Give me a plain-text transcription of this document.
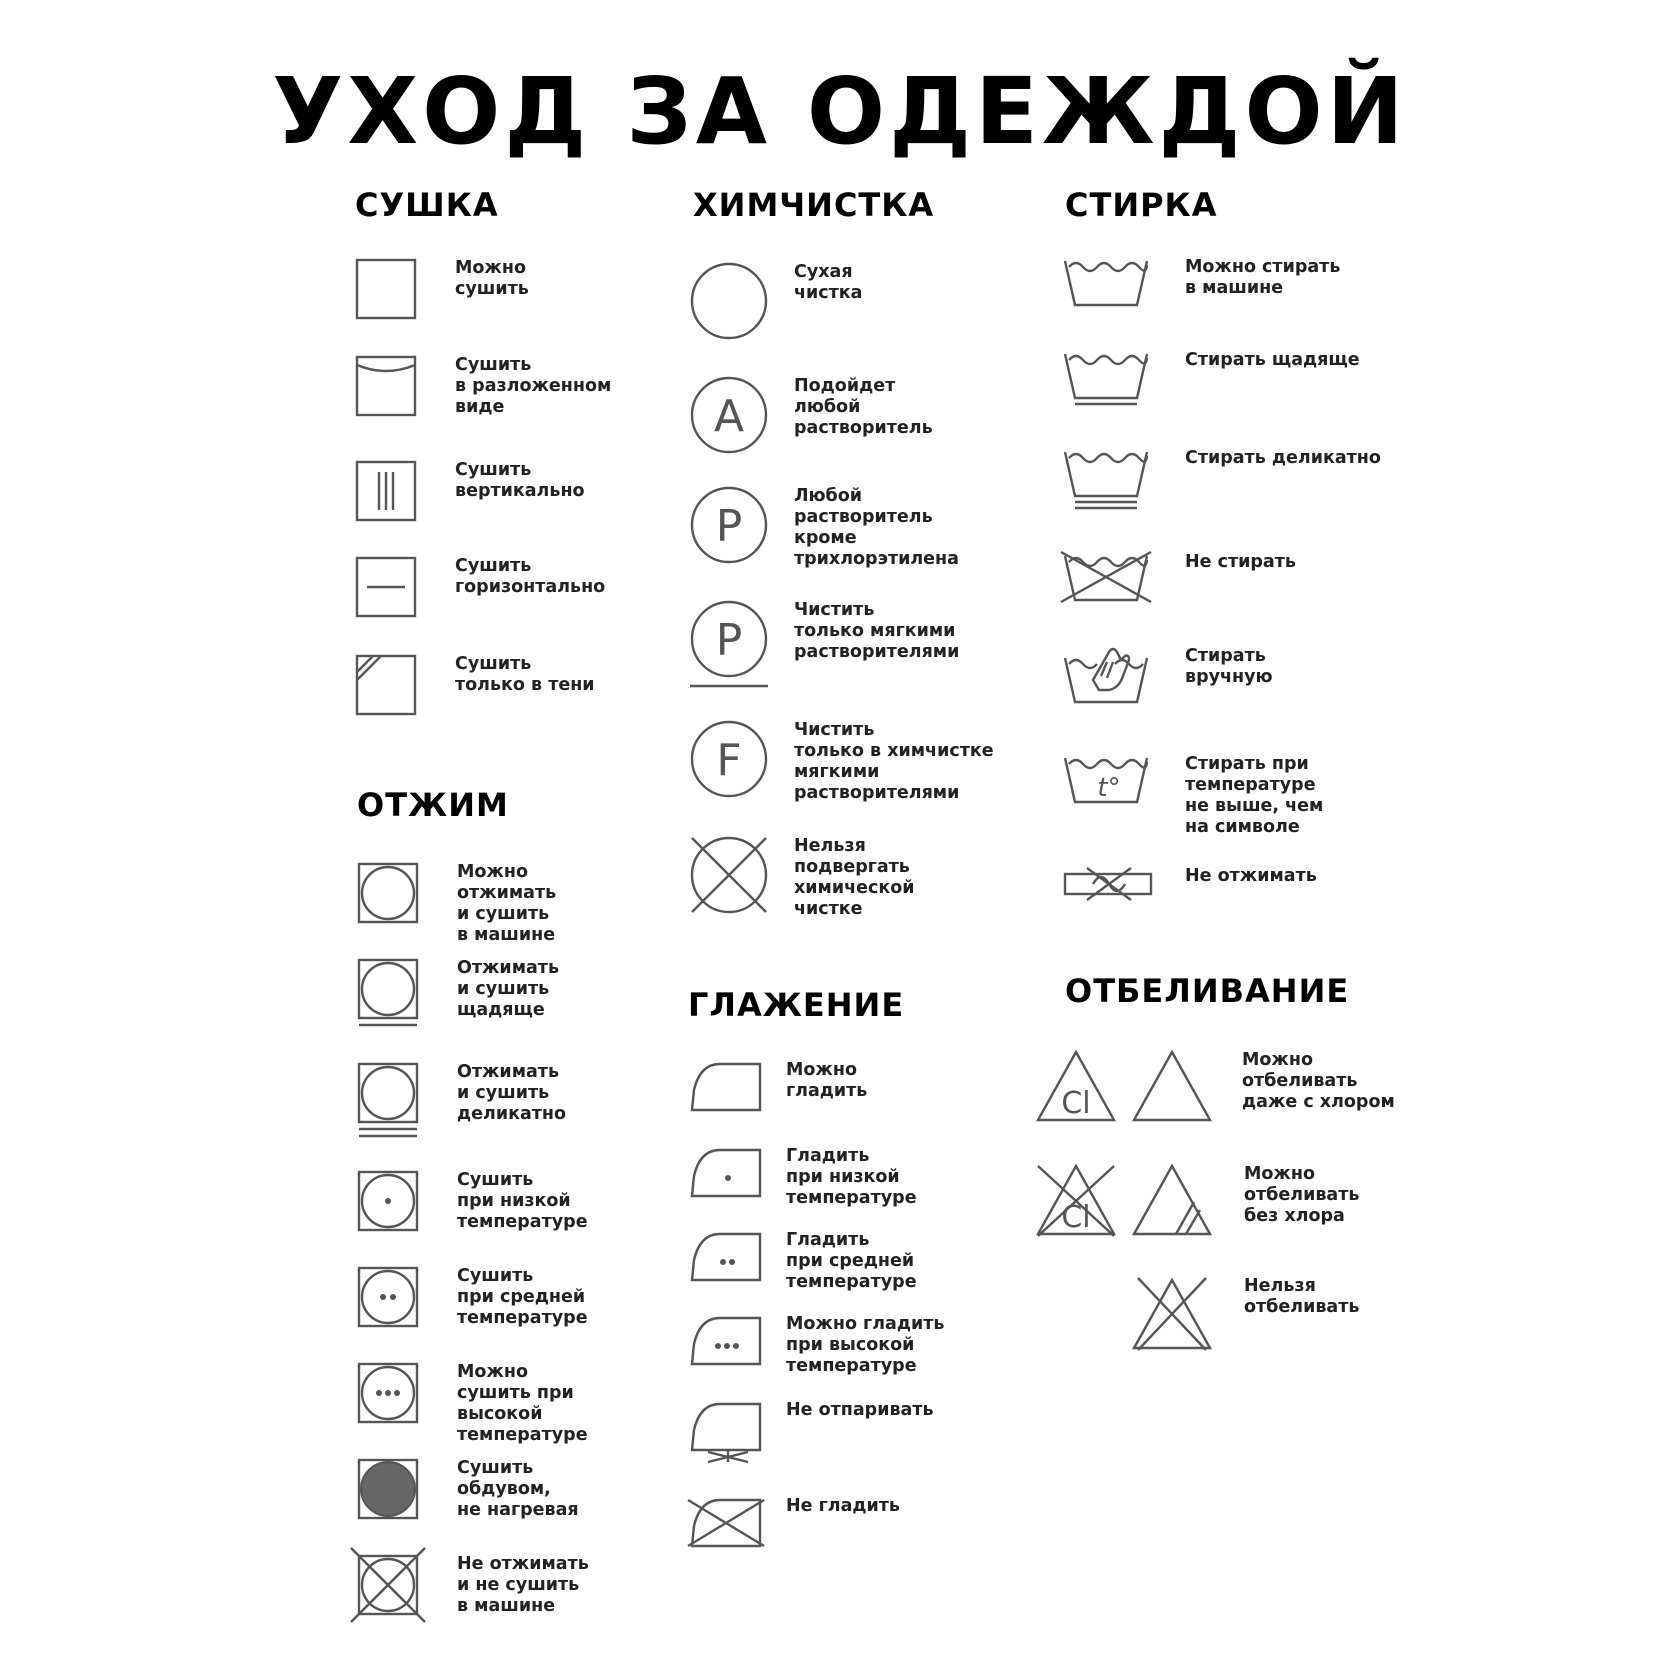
УХОД ЗА ОДЕЖДОЙ
СУШКА
Можно
сушить
Сушить
в разложенном
виде
Сушить
вертикально
Сушить
горизонтально
Сушить
только в тени
ОТЖИМ
Можно
отжимать
и сушить
в машине
Отжимать
и сушить
щадяще
Отжимать
и сушить
деликатно
Сушить
при низкой
температуре
Сушить
при средней
температуре
Можно
сушить при
высокой
температуре
Сушить
обдувом,
не нагревая
Не отжимать
и не сушить
в машине
ХИМЧИСТКА
Сухая
чистка
A
Подойдет
любой
растворитель
P
Любой
растворитель
кроме
трихлорэтилена
P
Чистить
только мягкими
растворителями
F
Чистить
только в химчистке
мягкими
растворителями
Нельзя
подвергать
химической
чистке
ГЛАЖЕНИЕ
Можно
гладить
Гладить
при низкой
температуре
Гладить
при средней
температуре
Можно гладить
при высокой
температуре
Не отпаривать
Не гладить
СТИРКА
Можно стирать
в машине
Стирать щадяще
Стирать деликатно
Не стирать
Стирать
вручную
t°
Стирать при
температуре
не выше, чем
на символе
Не отжимать
ОТБЕЛИВАНИЕ
Cl
Можно
отбеливать
даже с хлором
Cl
Можно
отбеливать
без хлора
Нельзя
отбеливать
